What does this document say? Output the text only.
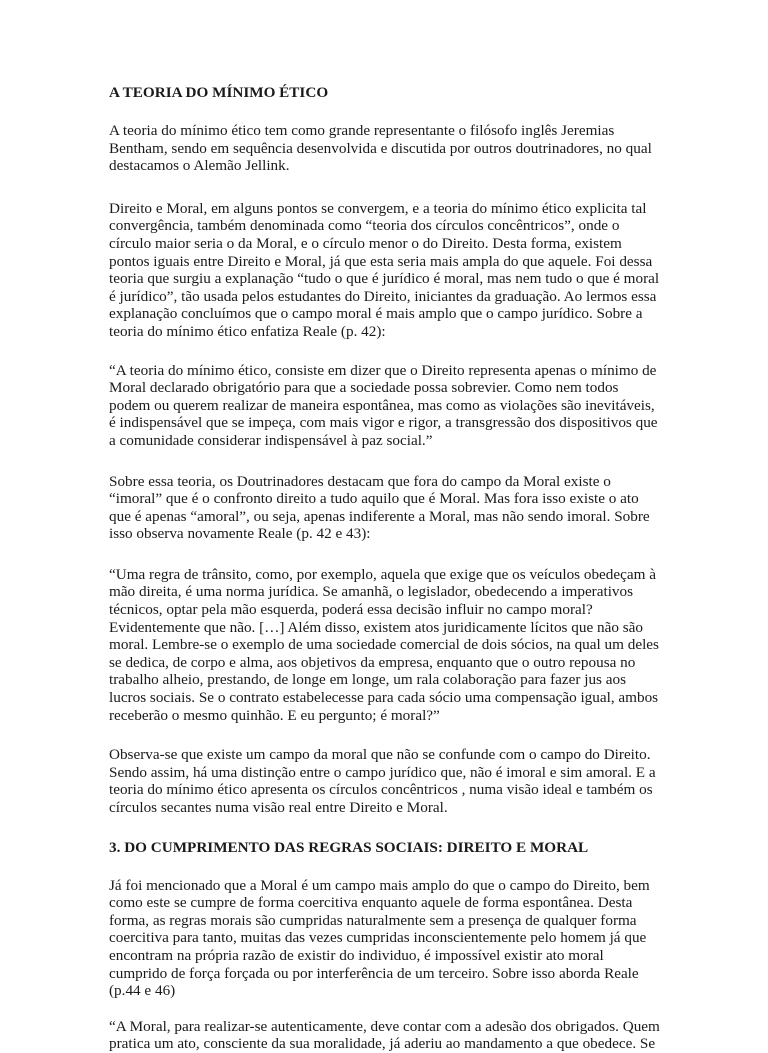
A TEORIA DO MÍNIMO ÉTICO

A teoria do mínimo ético tem como grande representante o filósofo inglês Jeremias Bentham, sendo em sequência desenvolvida e discutida por outros doutrinadores, no qual destacamos o Alemão Jellink.

Direito e Moral, em alguns pontos se convergem, e a teoria do mínimo ético explicita tal convergência, também denominada como “teoria dos círculos concêntricos”, onde o círculo maior seria o da Moral, e o círculo menor o do Direito. Desta forma, existem pontos iguais entre Direito e Moral, já que esta seria mais ampla do que aquele. Foi dessa teoria que surgiu a explanação “tudo o que é jurídico é moral, mas nem tudo o que é moral é jurídico”, tão usada pelos estudantes do Direito, iniciantes da graduação. Ao lermos essa explanação concluímos que o campo moral é mais amplo que o campo jurídico. Sobre a teoria do mínimo ético enfatiza Reale (p. 42):

“A teoria do mínimo ético, consiste em dizer que o Direito representa apenas o mínimo de Moral declarado obrigatório para que a sociedade possa sobrevier. Como nem todos podem ou querem realizar de maneira espontânea, mas como as violações são inevitáveis, é indispensável que se impeça, com mais vigor e rigor, a transgressão dos dispositivos que a comunidade considerar indispensável à paz social.”

Sobre essa teoria, os Doutrinadores destacam que fora do campo da Moral existe o “imoral” que é o confronto direito a tudo aquilo que é Moral. Mas fora isso existe o ato que é apenas “amoral”, ou seja, apenas indiferente a Moral, mas não sendo imoral. Sobre isso observa novamente Reale (p. 42 e 43):

“Uma regra de trânsito, como, por exemplo, aquela que exige que os veículos obedeçam à mão direita, é uma norma jurídica. Se amanhã, o legislador, obedecendo a imperativos técnicos, optar pela mão esquerda, poderá essa decisão influir no campo moral? Evidentemente que não. […] Além disso, existem atos juridicamente lícitos que não são moral. Lembre-se o exemplo de uma sociedade comercial de dois sócios, na qual um deles se dedica, de corpo e alma, aos objetivos da empresa, enquanto que o outro repousa no trabalho alheio, prestando, de longe em longe, um rala colaboração para fazer jus aos lucros sociais. Se o contrato estabelecesse para cada sócio uma compensação igual, ambos receberão o mesmo quinhão. E eu pergunto; é moral?”

Observa-se que existe um campo da moral que não se confunde com o campo do Direito. Sendo assim, há uma distinção entre o campo jurídico que, não é imoral e sim amoral. E a teoria do mínimo ético apresenta os círculos concêntricos , numa visão ideal e também os círculos secantes numa visão real entre Direito e Moral.

3. DO CUMPRIMENTO DAS REGRAS SOCIAIS: DIREITO E MORAL

Já foi mencionado que a Moral é um campo mais amplo do que o campo do Direito, bem como este se cumpre de forma coercitiva enquanto aquele de forma espontânea. Desta forma, as regras morais são cumpridas naturalmente sem a presença de qualquer forma coercitiva para tanto, muitas das vezes cumpridas inconscientemente pelo homem já que encontram na própria razão de existir do individuo, é impossível existir ato moral cumprido de força forçada ou por interferência de um terceiro. Sobre isso aborda Reale (p.44 e 46)

“A Moral, para realizar-se autenticamente, deve contar com a adesão dos obrigados. Quem pratica um ato, consciente da sua moralidade, já aderiu ao mandamento a que obedece. Se
